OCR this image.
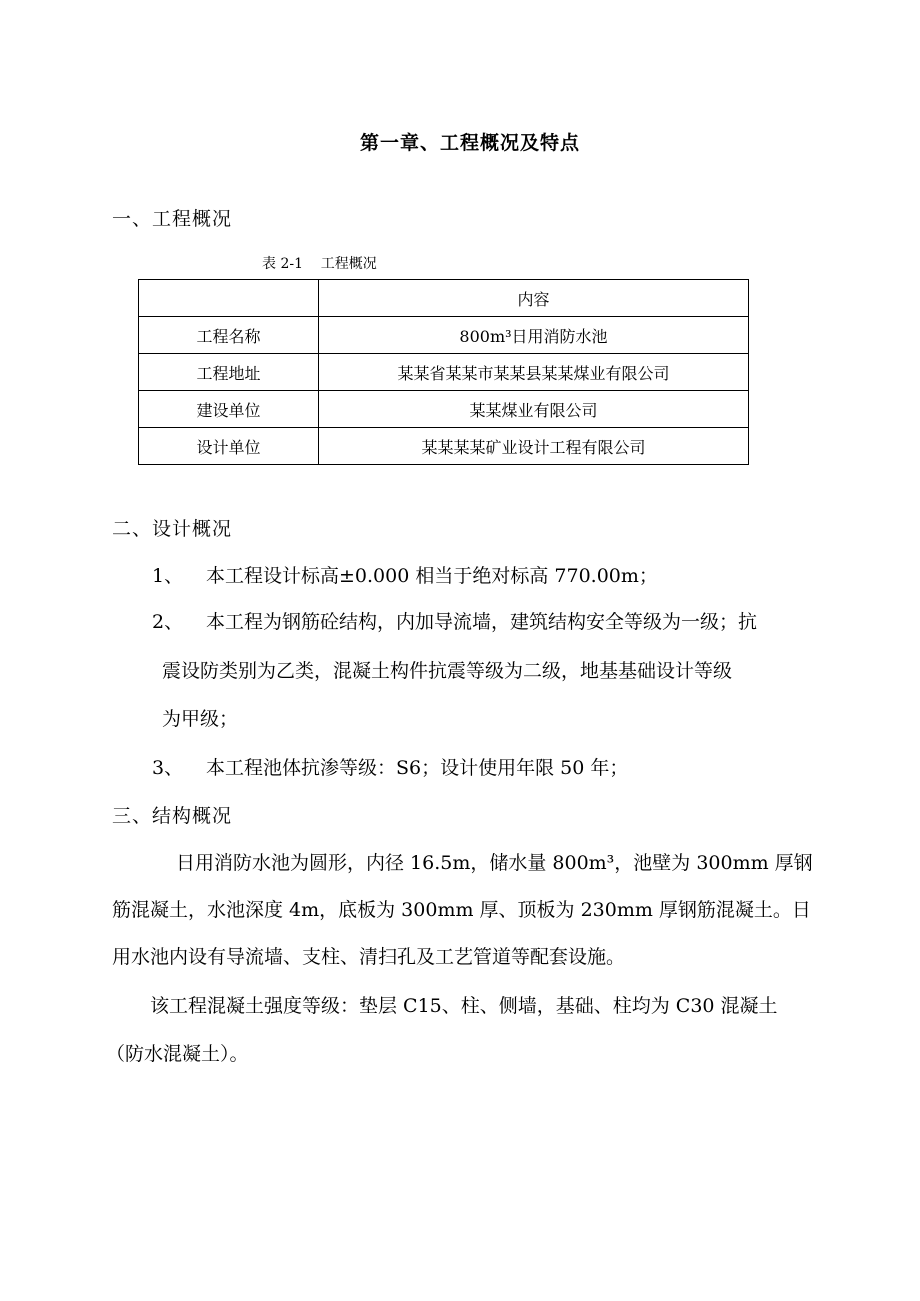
第一章、工程概况及特点
一、工程概况
表 2-1    工程概况
	内容
工程名称	800m³日用消防水池
工程地址	某某省某某市某某县某某煤业有限公司
建设单位	某某煤业有限公司
设计单位	某某某某矿业设计工程有限公司
二、设计概况
1、 本工程设计标高±0.000 相当于绝对标高 770.00m；
2、 本工程为钢筋砼结构，内加导流墙，建筑结构安全等级为一级；抗
震设防类别为乙类，混凝土构件抗震等级为二级，地基基础设计等级
为甲级；
3、 本工程池体抗渗等级：S6；设计使用年限 50 年；
三、结构概况
日用消防水池为圆形，内径 16.5m，储水量 800m³，池壁为 300mm 厚钢
筋混凝土，水池深度 4m，底板为 300mm 厚、顶板为 230mm 厚钢筋混凝土。日
用水池内设有导流墙、支柱、清扫孔及工艺管道等配套设施。
该工程混凝土强度等级：垫层 C15、柱、侧墙，基础、柱均为 C30 混凝土
（防水混凝土）。
